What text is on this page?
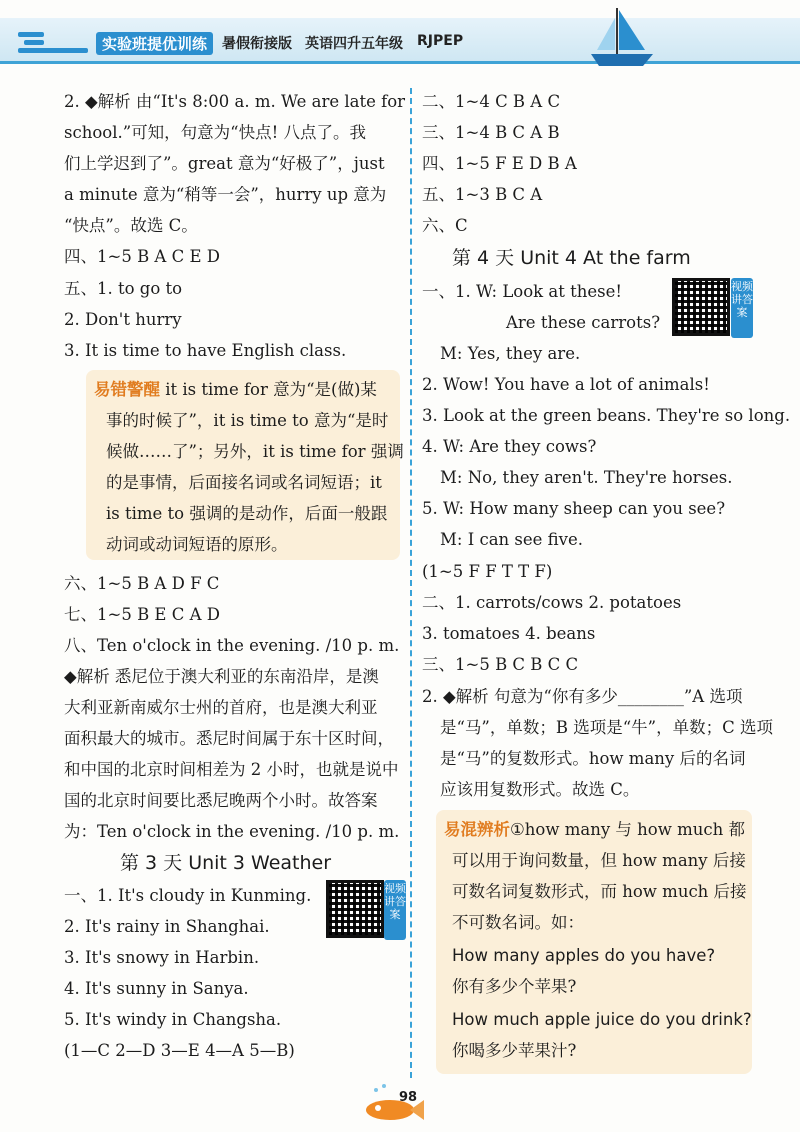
实验班提优训练	暑假衔接版 英语四升五年级 RJPEP
2. ◆解析 由“It's 8:00 a. m. We are late for
school.”可知，句意为“快点! 八点了。我
们上学迟到了”。great 意为“好极了”，just
a minute 意为“稍等一会”，hurry up 意为
“快点”。故选 C。
四、1~5 B A C E D
五、1. to go to
2. Don't hurry
3. It is time to have English class.
易错警醒 it is time for 意为“是(做)某
事的时候了”，it is time to 意为“是时
候做……了”；另外，it is time for 强调
的是事情，后面接名词或名词短语；it
is time to 强调的是动作，后面一般跟
动词或动词短语的原形。
六、1~5 B A D F C
七、1~5 B E C A D
八、Ten o'clock in the evening. /10 p. m.
◆解析 悉尼位于澳大利亚的东南沿岸，是澳
大利亚新南威尔士州的首府，也是澳大利亚
面积最大的城市。悉尼时间属于东十区时间，
和中国的北京时间相差为 2 小时，也就是说中
国的北京时间要比悉尼晚两个小时。故答案
为：Ten o'clock in the evening. /10 p. m.
第 3 天 Unit 3 Weather
一、1. It's cloudy in Kunming.	视频讲答案
2. It's rainy in Shanghai.
3. It's snowy in Harbin.
4. It's sunny in Sanya.
5. It's windy in Changsha.
(1—C 2—D 3—E 4—A 5—B)
二、1~4 C B A C
三、1~4 B C A B
四、1~5 F E D B A
五、1~3 B C A
六、C
第 4 天 Unit 4 At the farm
一、1. W: Look at these!	视频讲答案
Are these carrots?
M: Yes, they are.
2. Wow! You have a lot of animals!
3. Look at the green beans. They're so long.
4. W: Are they cows?
M: No, they aren't. They're horses.
5. W: How many sheep can you see?
M: I can see five.
(1~5 F F T T F)
二、1. carrots/cows 2. potatoes
3. tomatoes 4. beans
三、1~5 B C B C C
2. ◆解析 句意为“你有多少________”A 选项
是“马”，单数；B 选项是“牛”，单数；C 选项
是“马”的复数形式。how many 后的名词
应该用复数形式。故选 C。
易混辨析①how many 与 how much 都
可以用于询问数量，但 how many 后接
可数名词复数形式，而 how much 后接
不可数名词。如：
How many apples do you have?
你有多少个苹果?
How much apple juice do you drink?
你喝多少苹果汁?
98
